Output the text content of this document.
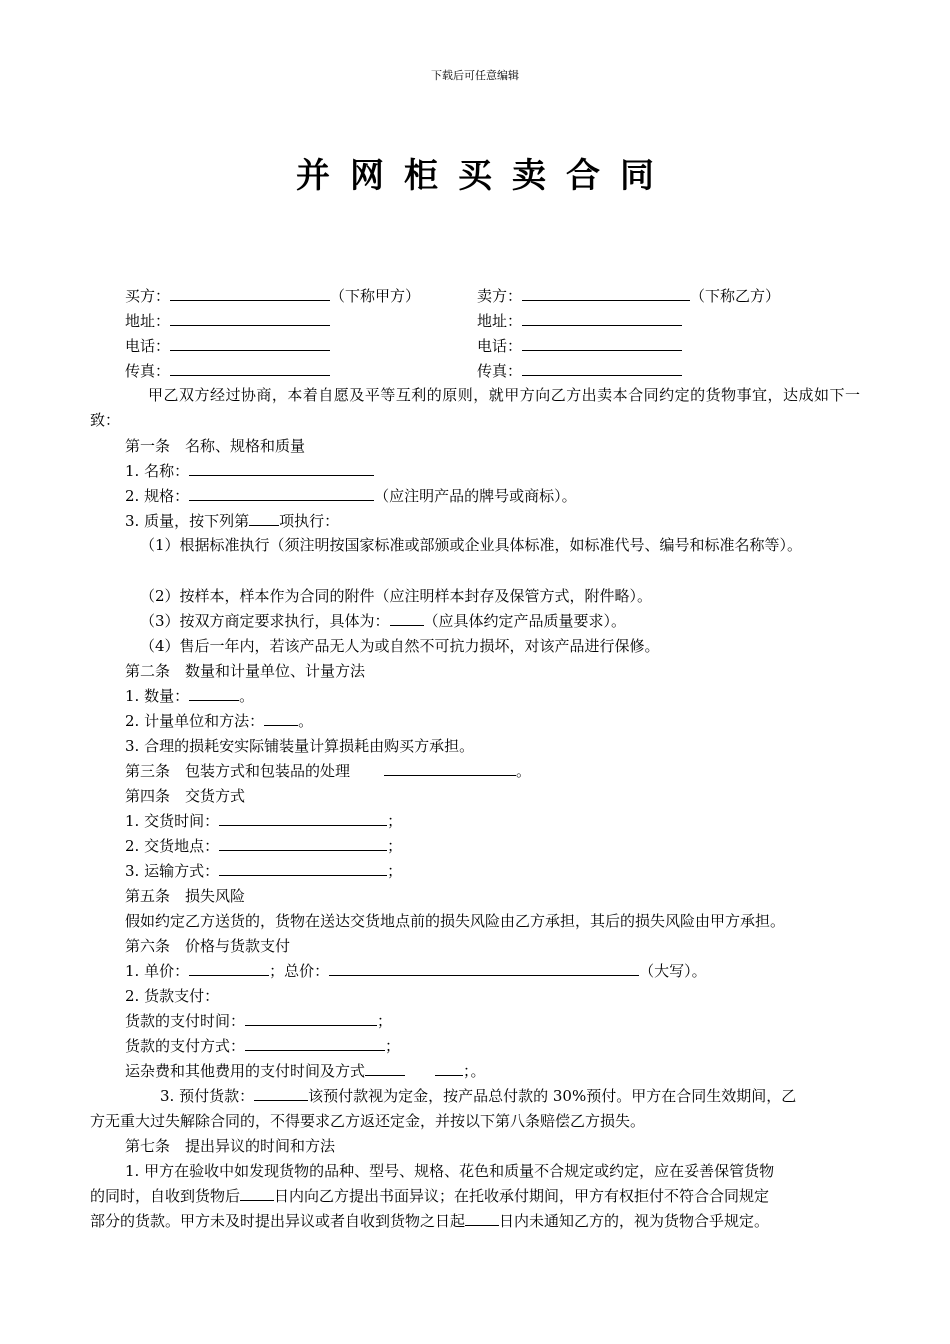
下载后可任意编辑
并网柜买卖合同
买方：	（下称甲方）	卖方：	（下称乙方）
地址：	地址：
电话：	电话：
传真：	传真：
甲乙双方经过协商，本着自愿及平等互利的原则，就甲方向乙方出卖本合同约定的货物事宜，达成如下一致：
第一条　名称、规格和质量
1. 名称：
2. 规格：	（应注明产品的牌号或商标）。
3. 质量，按下列第 项执行：
（1）根据标准执行（须注明按国家标准或部颁或企业具体标准，如标准代号、编号和标准名称等）。
（2）按样本，样本作为合同的附件（应注明样本封存及保管方式，附件略）。
（3）按双方商定要求执行，具体为： （应具体约定产品质量要求）。
（4）售后一年内，若该产品无人为或自然不可抗力损坏，对该产品进行保修。
第二条　数量和计量单位、计量方法
1. 数量：	。
2. 计量单位和方法： 。
3. 合理的损耗安实际铺装量计算损耗由购买方承担。
第三条　包装方式和包装品的处理	。
第四条　交货方式
1. 交货时间：	；
2. 交货地点：	；
3. 运输方式：	；
第五条　损失风险
假如约定乙方送货的，货物在送达交货地点前的损失风险由乙方承担，其后的损失风险由甲方承担。
第六条　价格与货款支付
1. 单价：	；总价：	（大写）。
2. 货款支付：
货款的支付时间：	；
货款的支付方式：	；
运杂费和其他费用的支付时间及方式	；。
3. 预付货款：	该预付款视为定金，按产品总付款的 30%预付。甲方在合同生效期间，乙
方无重大过失解除合同的，不得要求乙方返还定金，并按以下第八条赔偿乙方损失。
第七条　提出异议的时间和方法
1. 甲方在验收中如发现货物的品种、型号、规格、花色和质量不合规定或约定，应在妥善保管货物
的同时，自收到货物后 日内向乙方提出书面异议；在托收承付期间，甲方有权拒付不符合合同规定
部分的货款。甲方未及时提出异议或者自收到货物之日起 日内未通知乙方的，视为货物合乎规定。
